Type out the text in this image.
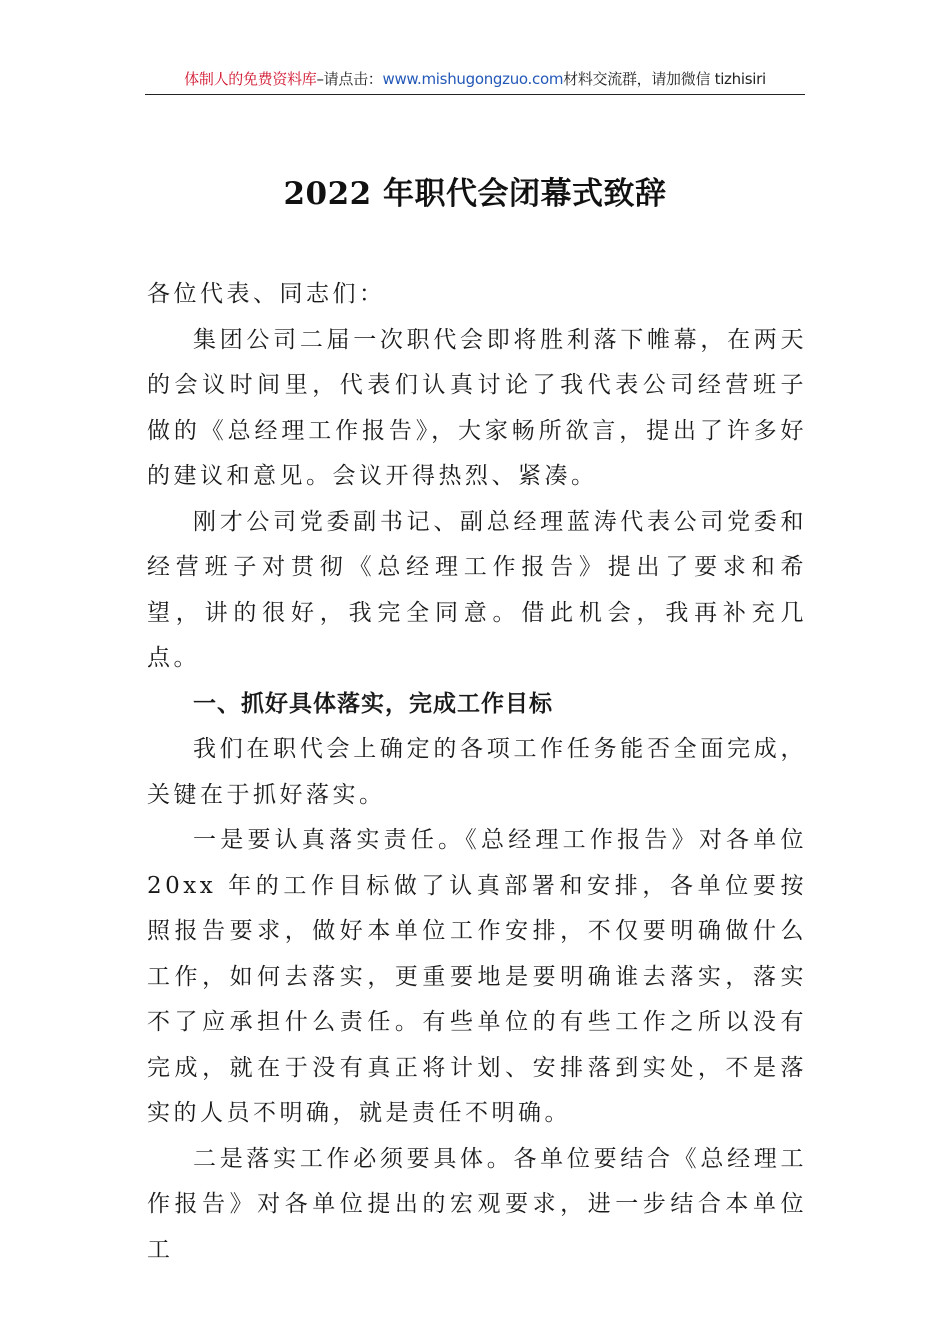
体制人的免费资料库–请点击：www.mishugongzuo.com材料交流群，请加微信 tizhisiri
2022 年职代会闭幕式致辞

各位代表、同志们：

集团公司二届一次职代会即将胜利落下帷幕，在两天的会议时间里，代表们认真讨论了我代表公司经营班子做的《总经理工作报告》，大家畅所欲言，提出了许多好的建议和意见。会议开得热烈、紧凑。

刚才公司党委副书记、副总经理蓝涛代表公司党委和经营班子对贯彻《总经理工作报告》提出了要求和希望，讲的很好，我完全同意。借此机会，我再补充几点。

一、抓好具体落实，完成工作目标

我们在职代会上确定的各项工作任务能否全面完成，关键在于抓好落实。

一是要认真落实责任。《总经理工作报告》对各单位20xx 年的工作目标做了认真部署和安排，各单位要按照报告要求，做好本单位工作安排，不仅要明确做什么工作，如何去落实，更重要地是要明确谁去落实，落实不了应承担什么责任。有些单位的有些工作之所以没有完成，就在于没有真正将计划、安排落到实处，不是落实的人员不明确，就是责任不明确。

二是落实工作必须要具体。各单位要结合《总经理工作报告》对各单位提出的宏观要求，进一步结合本单位工
